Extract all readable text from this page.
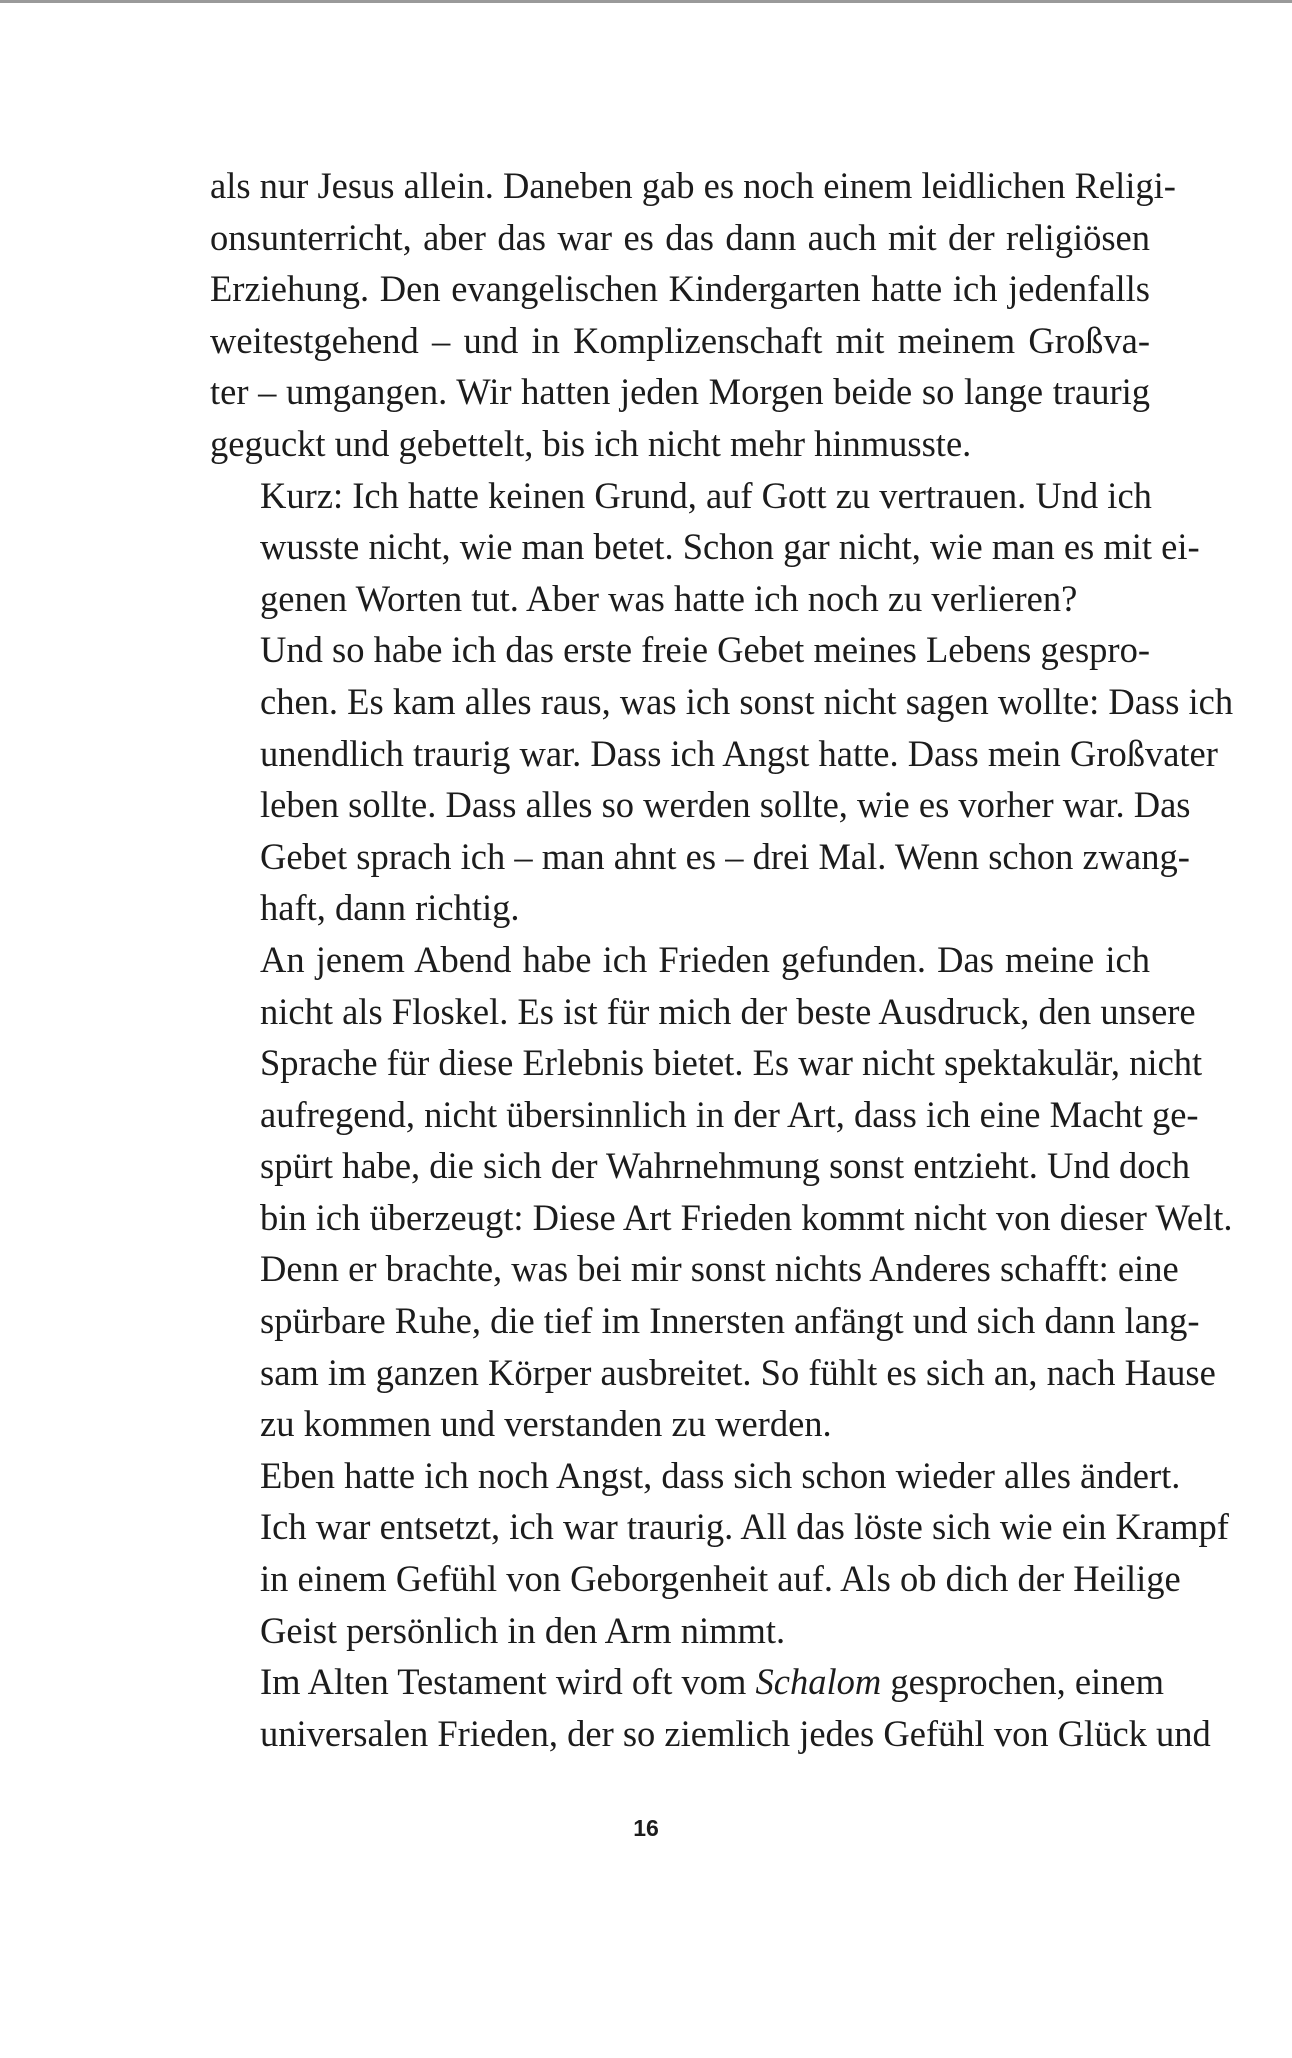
als nur Jesus allein. Daneben gab es noch einem leidlichen Religi-
onsunterricht, aber das war es das dann auch mit der religiösen
Erziehung. Den evangelischen Kindergarten hatte ich jedenfalls
weitestgehend – und in Komplizenschaft mit meinem Großva-
ter – umgangen. Wir hatten jeden Morgen beide so lange traurig
geguckt und gebettelt, bis ich nicht mehr hinmusste.

Kurz: Ich hatte keinen Grund, auf Gott zu vertrauen. Und ich
wusste nicht, wie man betet. Schon gar nicht, wie man es mit ei-
genen Worten tut. Aber was hatte ich noch zu verlieren?

Und so habe ich das erste freie Gebet meines Lebens gespro-
chen. Es kam alles raus, was ich sonst nicht sagen wollte: Dass ich
unendlich traurig war. Dass ich Angst hatte. Dass mein Großvater
leben sollte. Dass alles so werden sollte, wie es vorher war. Das
Gebet sprach ich – man ahnt es – drei Mal. Wenn schon zwang-
haft, dann richtig.

An jenem Abend habe ich Frieden gefunden. Das meine ich
nicht als Floskel. Es ist für mich der beste Ausdruck, den unsere
Sprache für diese Erlebnis bietet. Es war nicht spektakulär, nicht
aufregend, nicht übersinnlich in der Art, dass ich eine Macht ge-
spürt habe, die sich der Wahrnehmung sonst entzieht. Und doch
bin ich überzeugt: Diese Art Frieden kommt nicht von dieser Welt.
Denn er brachte, was bei mir sonst nichts Anderes schafft: eine
spürbare Ruhe, die tief im Innersten anfängt und sich dann lang-
sam im ganzen Körper ausbreitet. So fühlt es sich an, nach Hause
zu kommen und verstanden zu werden.

Eben hatte ich noch Angst, dass sich schon wieder alles ändert.
Ich war entsetzt, ich war traurig. All das löste sich wie ein Krampf
in einem Gefühl von Geborgenheit auf. Als ob dich der Heilige
Geist persönlich in den Arm nimmt.

Im Alten Testament wird oft vom Schalom gesprochen, einem
universalen Frieden, der so ziemlich jedes Gefühl von Glück und

16
